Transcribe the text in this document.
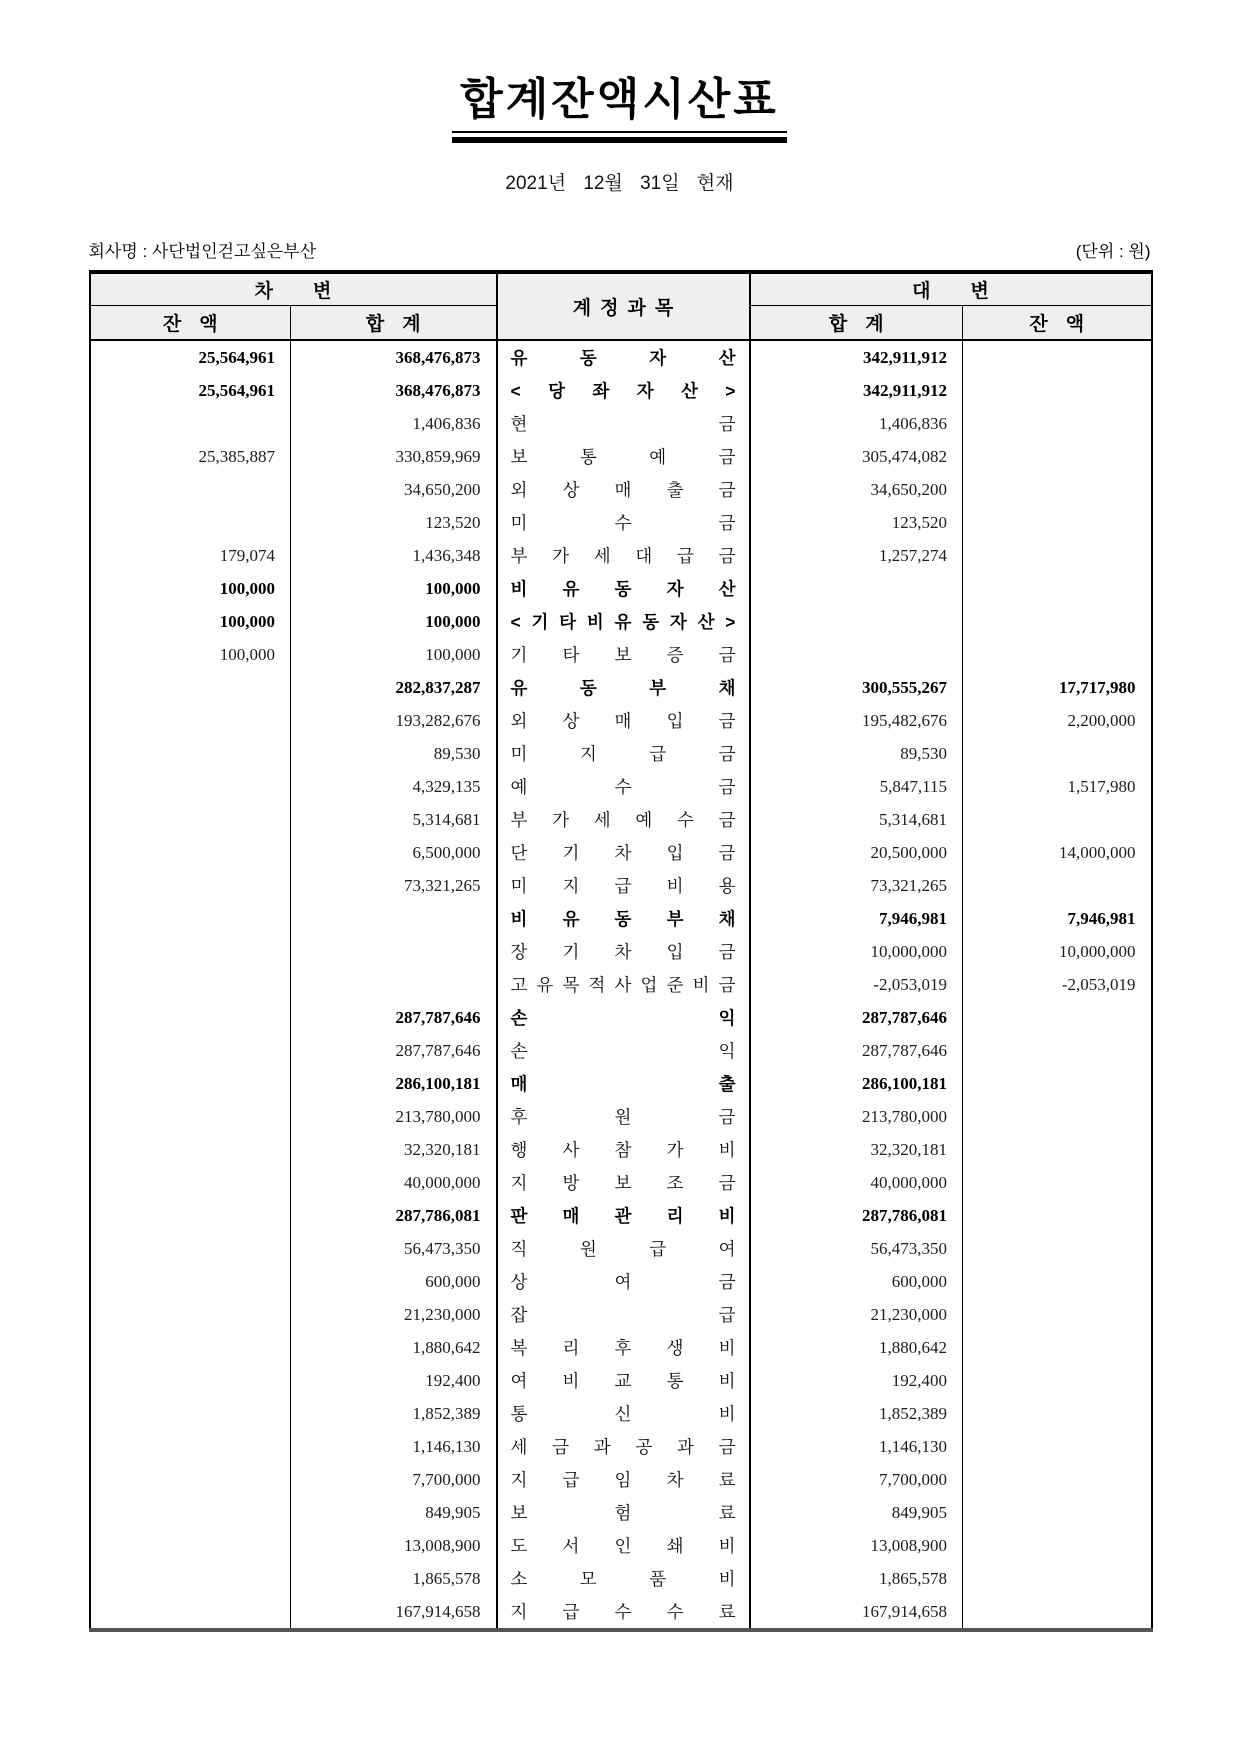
합계잔액시산표
2021년 12월 31일 현재
회사명 : 사단법인걷고싶은부산	(단위 : 원)
차변		계정과목	대변	
잔액	합계		합계	잔액
25,564,961	368,476,873	유 동 자 산	342,911,912	
25,564,961	368,476,873	< 당 좌 자 산 >	342,911,912	
	1,406,836	현 금	1,406,836	
25,385,887	330,859,969	보 통 예 금	305,474,082	
	34,650,200	외 상 매 출 금	34,650,200	
	123,520	미 수 금	123,520	
179,074	1,436,348	부 가 세 대 급 금	1,257,274	
100,000	100,000	비 유 동 자 산		
100,000	100,000	< 기 타 비 유 동 자 산 >		
100,000	100,000	기 타 보 증 금		
	282,837,287	유 동 부 채	300,555,267	17,717,980
	193,282,676	외 상 매 입 금	195,482,676	2,200,000
	89,530	미 지 급 금	89,530	
	4,329,135	예 수 금	5,847,115	1,517,980
	5,314,681	부 가 세 예 수 금	5,314,681	
	6,500,000	단 기 차 입 금	20,500,000	14,000,000
	73,321,265	미 지 급 비 용	73,321,265	
		비 유 동 부 채	7,946,981	7,946,981
		장 기 차 입 금	10,000,000	10,000,000
		고 유 목 적 사 업 준 비 금	-2,053,019	-2,053,019
	287,787,646	손 익	287,787,646	
	287,787,646	손 익	287,787,646	
	286,100,181	매 출	286,100,181	
	213,780,000	후 원 금	213,780,000	
	32,320,181	행 사 참 가 비	32,320,181	
	40,000,000	지 방 보 조 금	40,000,000	
	287,786,081	판 매 관 리 비	287,786,081	
	56,473,350	직 원 급 여	56,473,350	
	600,000	상 여 금	600,000	
	21,230,000	잡 급	21,230,000	
	1,880,642	복 리 후 생 비	1,880,642	
	192,400	여 비 교 통 비	192,400	
	1,852,389	통 신 비	1,852,389	
	1,146,130	세 금 과 공 과 금	1,146,130	
	7,700,000	지 급 임 차 료	7,700,000	
	849,905	보 험 료	849,905	
	13,008,900	도 서 인 쇄 비	13,008,900	
	1,865,578	소 모 품 비	1,865,578	
	167,914,658	지 급 수 수 료	167,914,658	
